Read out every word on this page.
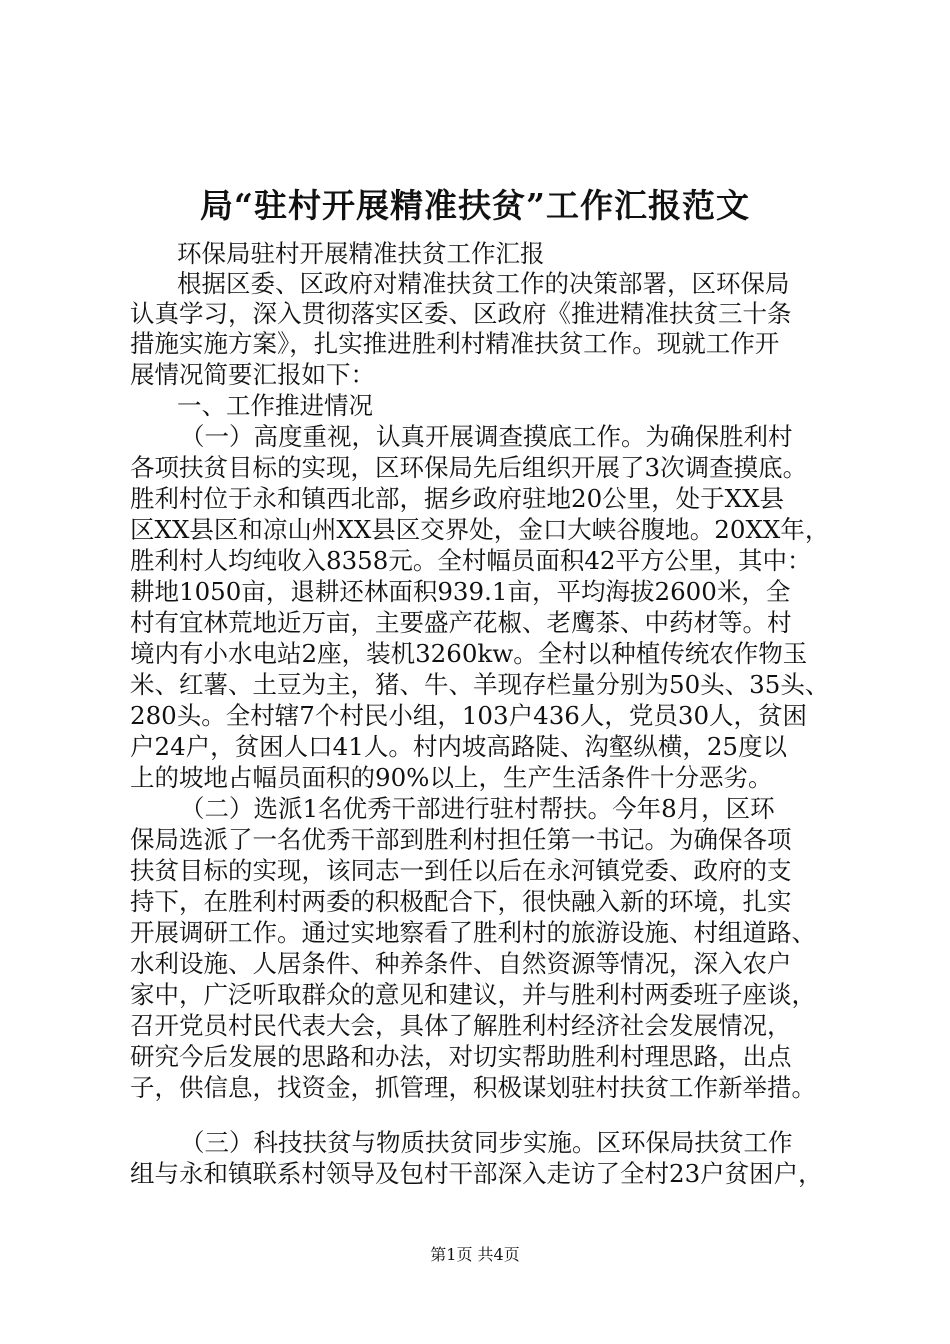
局“驻村开展精准扶贫”工作汇报范文
环保局驻村开展精准扶贫工作汇报
根据区委、区政府对精准扶贫工作的决策部署，区环保局
认真学习，深入贯彻落实区委、区政府《推进精准扶贫三十条
措施实施方案》，扎实推进胜利村精准扶贫工作。现就工作开
展情况简要汇报如下：
一、工作推进情况
（一）高度重视，认真开展调查摸底工作。为确保胜利村
各项扶贫目标的实现，区环保局先后组织开展了3次调查摸底。
胜利村位于永和镇西北部，据乡政府驻地20公里，处于XX县
区XX县区和凉山州XX县区交界处，金口大峡谷腹地。20XX年，
胜利村人均纯收入8358元。全村幅员面积42平方公里，其中：
耕地1050亩，退耕还林面积939.1亩，平均海拔2600米，全
村有宜林荒地近万亩，主要盛产花椒、老鹰茶、中药材等。村
境内有小水电站2座，装机3260kw。全村以种植传统农作物玉
米、红薯、土豆为主，猪、牛、羊现存栏量分别为50头、35头、
280头。全村辖7个村民小组，103户436人，党员30人，贫困
户24户，贫困人口41人。村内坡高路陡、沟壑纵横，25度以
上的坡地占幅员面积的90%以上，生产生活条件十分恶劣。
（二）选派1名优秀干部进行驻村帮扶。今年8月，区环
保局选派了一名优秀干部到胜利村担任第一书记。为确保各项
扶贫目标的实现，该同志一到任以后在永河镇党委、政府的支
持下，在胜利村两委的积极配合下，很快融入新的环境，扎实
开展调研工作。通过实地察看了胜利村的旅游设施、村组道路、
水利设施、人居条件、种养条件、自然资源等情况，深入农户
家中，广泛听取群众的意见和建议，并与胜利村两委班子座谈，
召开党员村民代表大会，具体了解胜利村经济社会发展情况，
研究今后发展的思路和办法，对切实帮助胜利村理思路，出点
子，供信息，找资金，抓管理，积极谋划驻村扶贫工作新举措。
（三）科技扶贫与物质扶贫同步实施。区环保局扶贫工作
组与永和镇联系村领导及包村干部深入走访了全村23户贫困户，
第1页 共4页
